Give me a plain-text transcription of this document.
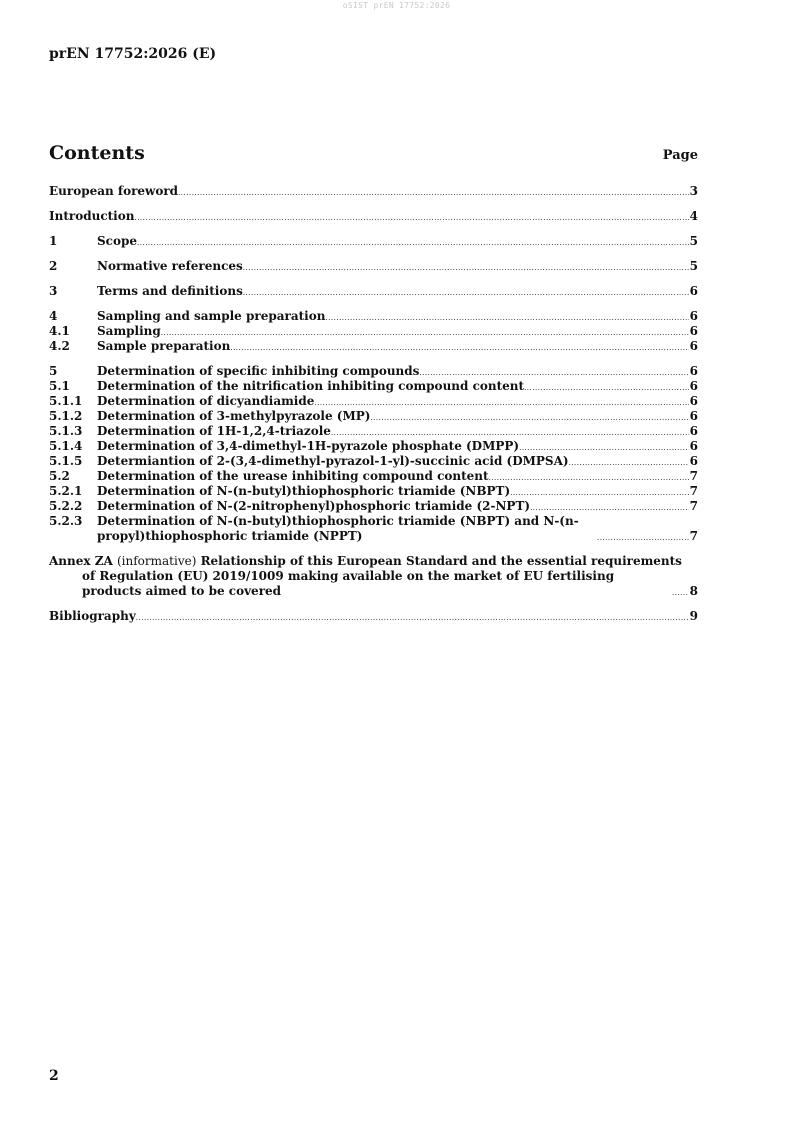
oSIST prEN 17752:2026
prEN 17752:2026 (E)
Contents	Page
European foreword .....	3
Introduction .....	4
1	Scope .....	5
2	Normative references .....	5
3	Terms and definitions .....	6
4	Sampling and sample preparation .....	6
4.1	Sampling .....	6
4.2	Sample preparation .....	6
5	Determination of specific inhibiting compounds .....	6
5.1	Determination of the nitrification inhibiting compound content .....	6
5.1.1	Determination of dicyandiamide .....	6
5.1.2	Determination of 3-methylpyrazole (MP) .....	6
5.1.3	Determination of 1H-1,2,4-triazole .....	6
5.1.4	Determination of 3,4-dimethyl-1H-pyrazole phosphate (DMPP) .....	6
5.1.5	Determiantion of 2-(3,4-dimethyl-pyrazol-1-yl)-succinic acid (DMPSA) .....	6
5.2	Determination of the urease inhibiting compound content .....	7
5.2.1	Determination of N-(n-butyl)thiophosphoric triamide (NBPT) .....	7
5.2.2	Determination of N-(2-nitrophenyl)phosphoric triamide (2-NPT) .....	7
5.2.3	Determination of N-(n-butyl)thiophosphoric triamide (NBPT) and N-(n-propyl)thiophosphoric triamide (NPPT) .....	7
Annex ZA (informative) Relationship of this European Standard and the essential requirements
of Regulation (EU) 2019/1009 making available on the market of EU fertilising products aimed to be covered .....	8
Bibliography .....	9
2
